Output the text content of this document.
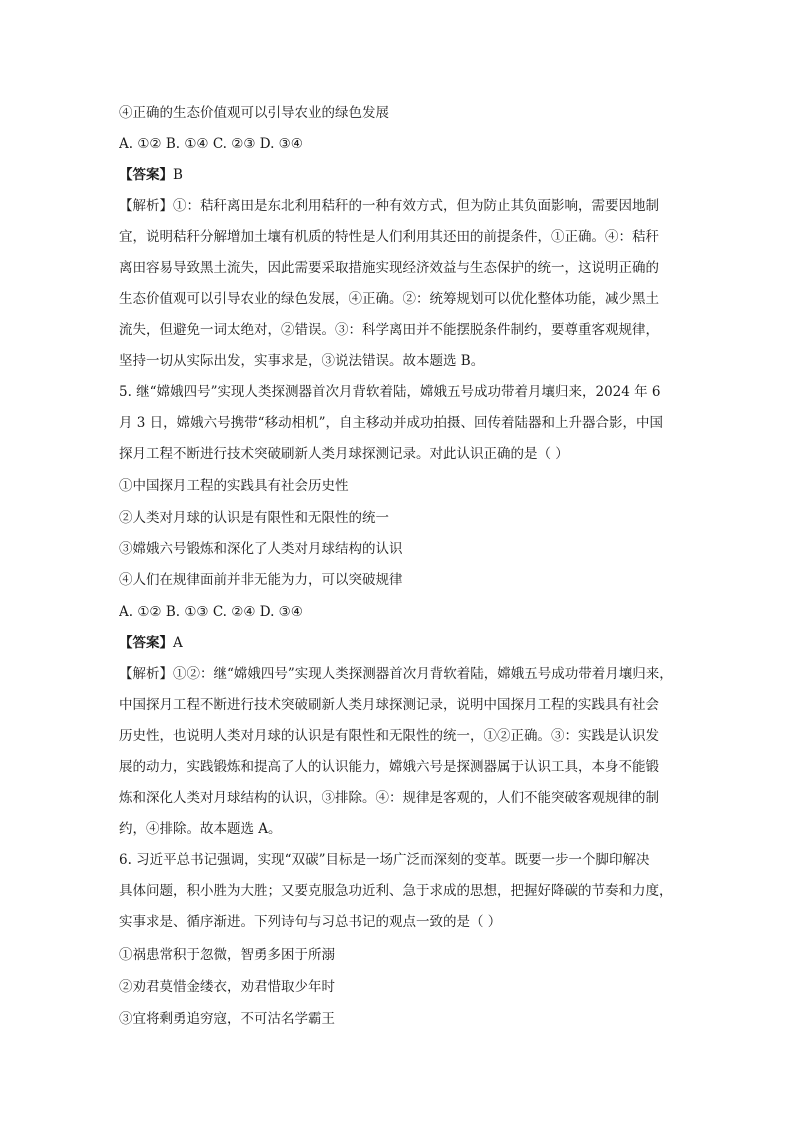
④正确的生态价值观可以引导农业的绿色发展
A. ①② B. ①④ C. ②③ D. ③④
【答案】B
【解析】①：秸秆离田是东北利用秸秆的一种有效方式，但为防止其负面影响，需要因地制
宜，说明秸秆分解增加土壤有机质的特性是人们利用其还田的前提条件，①正确。④：秸秆
离田容易导致黑土流失，因此需要采取措施实现经济效益与生态保护的统一，这说明正确的
生态价值观可以引导农业的绿色发展，④正确。②：统筹规划可以优化整体功能，减少黑土
流失，但避免一词太绝对，②错误。③：科学离田并不能摆脱条件制约，要尊重客观规律，
坚持一切从实际出发，实事求是，③说法错误。故本题选 B。
5. 继“嫦娥四号”实现人类探测器首次月背软着陆，嫦娥五号成功带着月壤归来，2024 年 6
月 3 日，嫦娥六号携带“移动相机”，自主移动并成功拍摄、回传着陆器和上升器合影，中国
探月工程不断进行技术突破刷新人类月球探测记录。对此认识正确的是（ ）
①中国探月工程的实践具有社会历史性
②人类对月球的认识是有限性和无限性的统一
③嫦娥六号锻炼和深化了人类对月球结构的认识
④人们在规律面前并非无能为力，可以突破规律
A. ①② B. ①③ C. ②④ D. ③④
【答案】A
【解析】①②：继“嫦娥四号”实现人类探测器首次月背软着陆，嫦娥五号成功带着月壤归来，
中国探月工程不断进行技术突破刷新人类月球探测记录，说明中国探月工程的实践具有社会
历史性，也说明人类对月球的认识是有限性和无限性的统一，①②正确。③：实践是认识发
展的动力，实践锻炼和提高了人的认识能力，嫦娥六号是探测器属于认识工具，本身不能锻
炼和深化人类对月球结构的认识，③排除。④：规律是客观的，人们不能突破客观规律的制
约，④排除。故本题选 A。
6. 习近平总书记强调，实现“双碳”目标是一场广泛而深刻的变革。既要一步一个脚印解决
具体问题，积小胜为大胜；又要克服急功近利、急于求成的思想，把握好降碳的节奏和力度，
实事求是、循序渐进。下列诗句与习总书记的观点一致的是（ ）
①祸患常积于忽微，智勇多困于所溺
②劝君莫惜金缕衣，劝君惜取少年时
③宜将剩勇追穷寇，不可沽名学霸王
